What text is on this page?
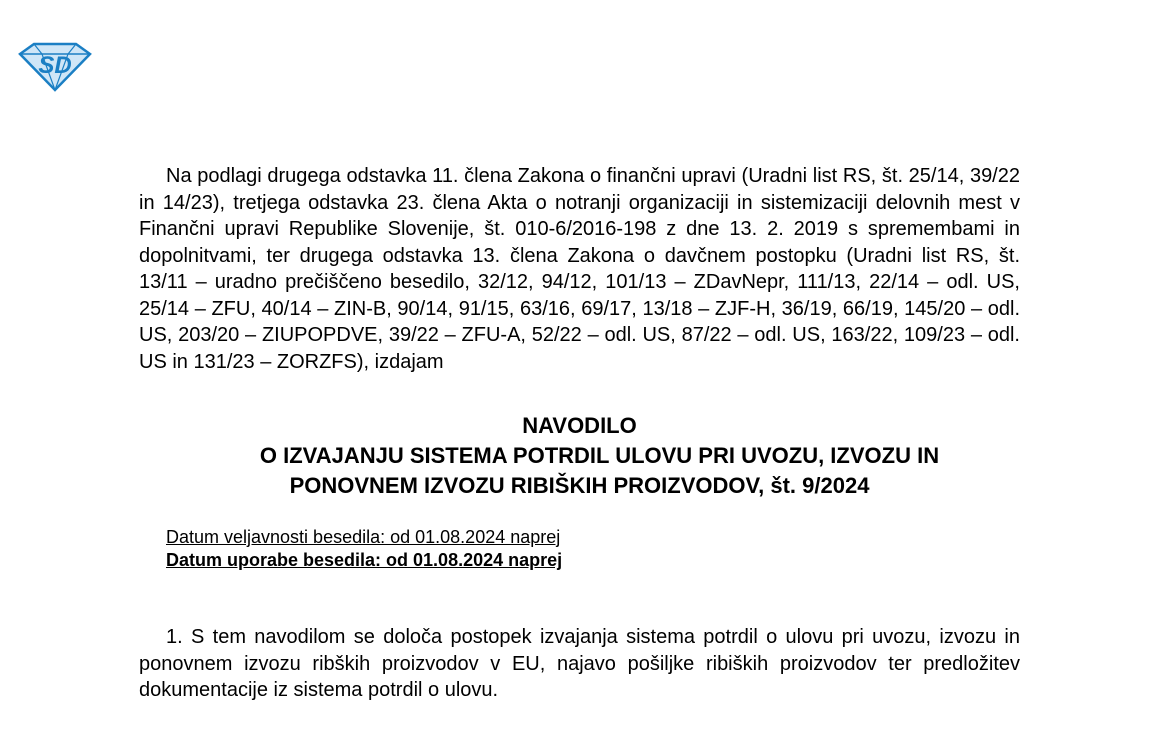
SD

Na podlagi drugega odstavka 11. člena Zakona o finančni upravi (Uradni list RS, št. 25/14, 39/22 in 14/23), tretjega odstavka 23. člena Akta o notranji organizaciji in sistemizaciji delovnih mest v Finančni upravi Republike Slovenije, št. 010-6/2016-198 z dne 13. 2. 2019 s spremembami in dopolnitvami, ter drugega odstavka 13. člena Zakona o davčnem postopku (Uradni list RS, št. 13/11 – uradno prečiščeno besedilo, 32/12, 94/12, 101/13 – ZDavNepr, 111/13, 22/14 – odl. US, 25/14 – ZFU, 40/14 – ZIN-B, 90/14, 91/15, 63/16, 69/17, 13/18 – ZJF-H, 36/19, 66/19, 145/20 – odl. US, 203/20 – ZIUPOPDVE, 39/22 – ZFU-A, 52/22 – odl. US, 87/22 – odl. US, 163/22, 109/23 – odl. US in 131/23 – ZORZFS), izdajam

NAVODILO
O IZVAJANJU SISTEMA POTRDIL ULOVU PRI UVOZU, IZVOZU IN
PONOVNEM IZVOZU RIBIŠKIH PROIZVODOV, št. 9/2024
Datum veljavnosti besedila: od 01.08.2024 naprej
Datum uporabe besedila: od 01.08.2024 naprej

1. S tem navodilom se določa postopek izvajanja sistema potrdil o ulovu pri uvozu, izvozu in ponovnem izvozu ribških proizvodov v EU, najavo pošiljke ribiških proizvodov ter predložitev dokumentacije iz sistema potrdil o ulovu.
